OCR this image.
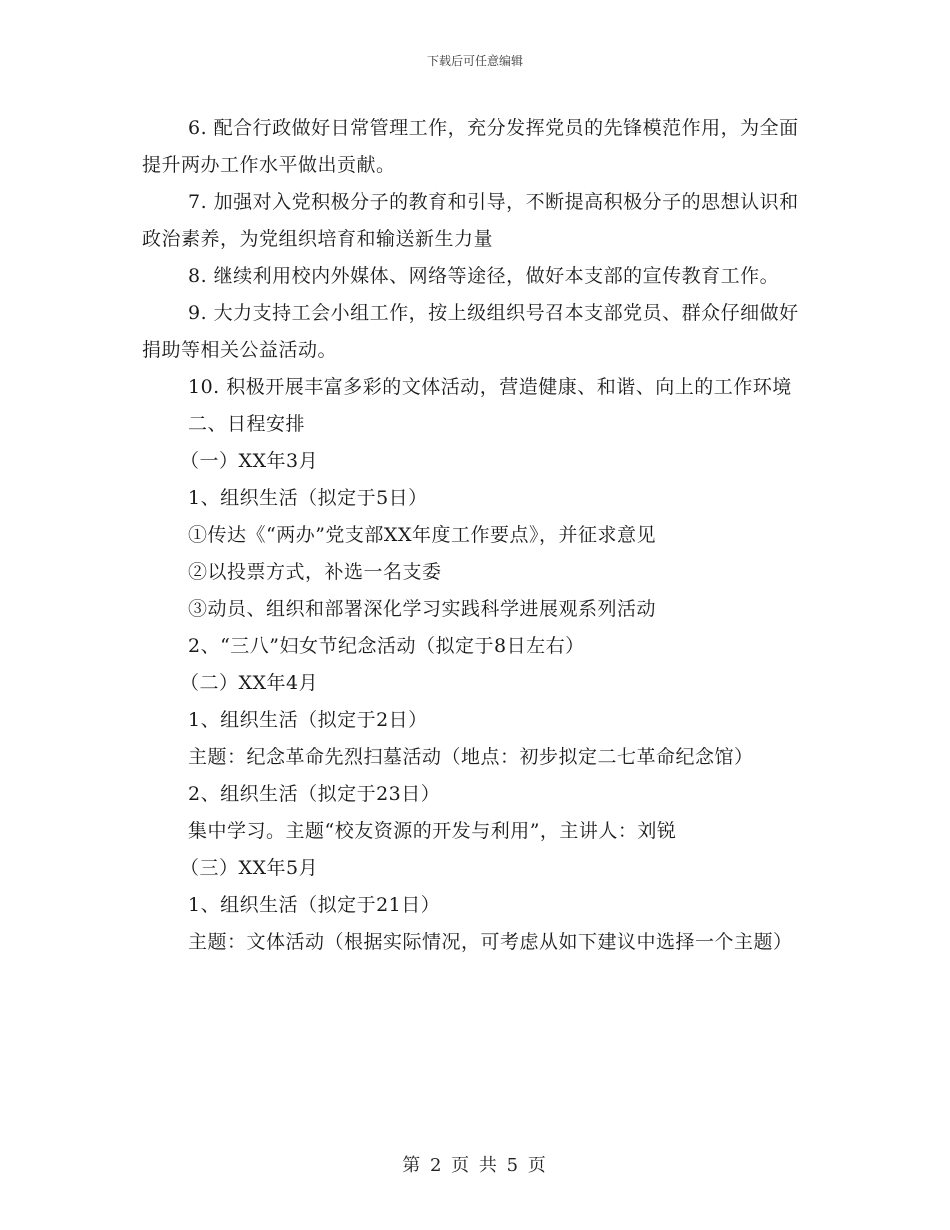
下载后可任意编辑

6. 配合行政做好日常管理工作，充分发挥党员的先锋模范作用，为全面提升两办工作水平做出贡献。

7. 加强对入党积极分子的教育和引导，不断提高积极分子的思想认识和政治素养，为党组织培育和输送新生力量

8. 继续利用校内外媒体、网络等途径，做好本支部的宣传教育工作。

9. 大力支持工会小组工作，按上级组织号召本支部党员、群众仔细做好捐助等相关公益活动。

10. 积极开展丰富多彩的文体活动，营造健康、和谐、向上的工作环境

二、日程安排

（一）XX年3月

1、组织生活（拟定于5日）

①传达《“两办”党支部XX年度工作要点》，并征求意见

②以投票方式，补选一名支委

③动员、组织和部署深化学习实践科学进展观系列活动

2、“三八”妇女节纪念活动（拟定于8日左右）

（二）XX年4月

1、组织生活（拟定于2日）

主题：纪念革命先烈扫墓活动（地点：初步拟定二七革命纪念馆）

2、组织生活（拟定于23日）

集中学习。主题“校友资源的开发与利用”，主讲人：刘锐

（三）XX年5月

1、组织生活（拟定于21日）

主题：文体活动（根据实际情况，可考虑从如下建议中选择一个主题）

第 2 页 共 5 页
